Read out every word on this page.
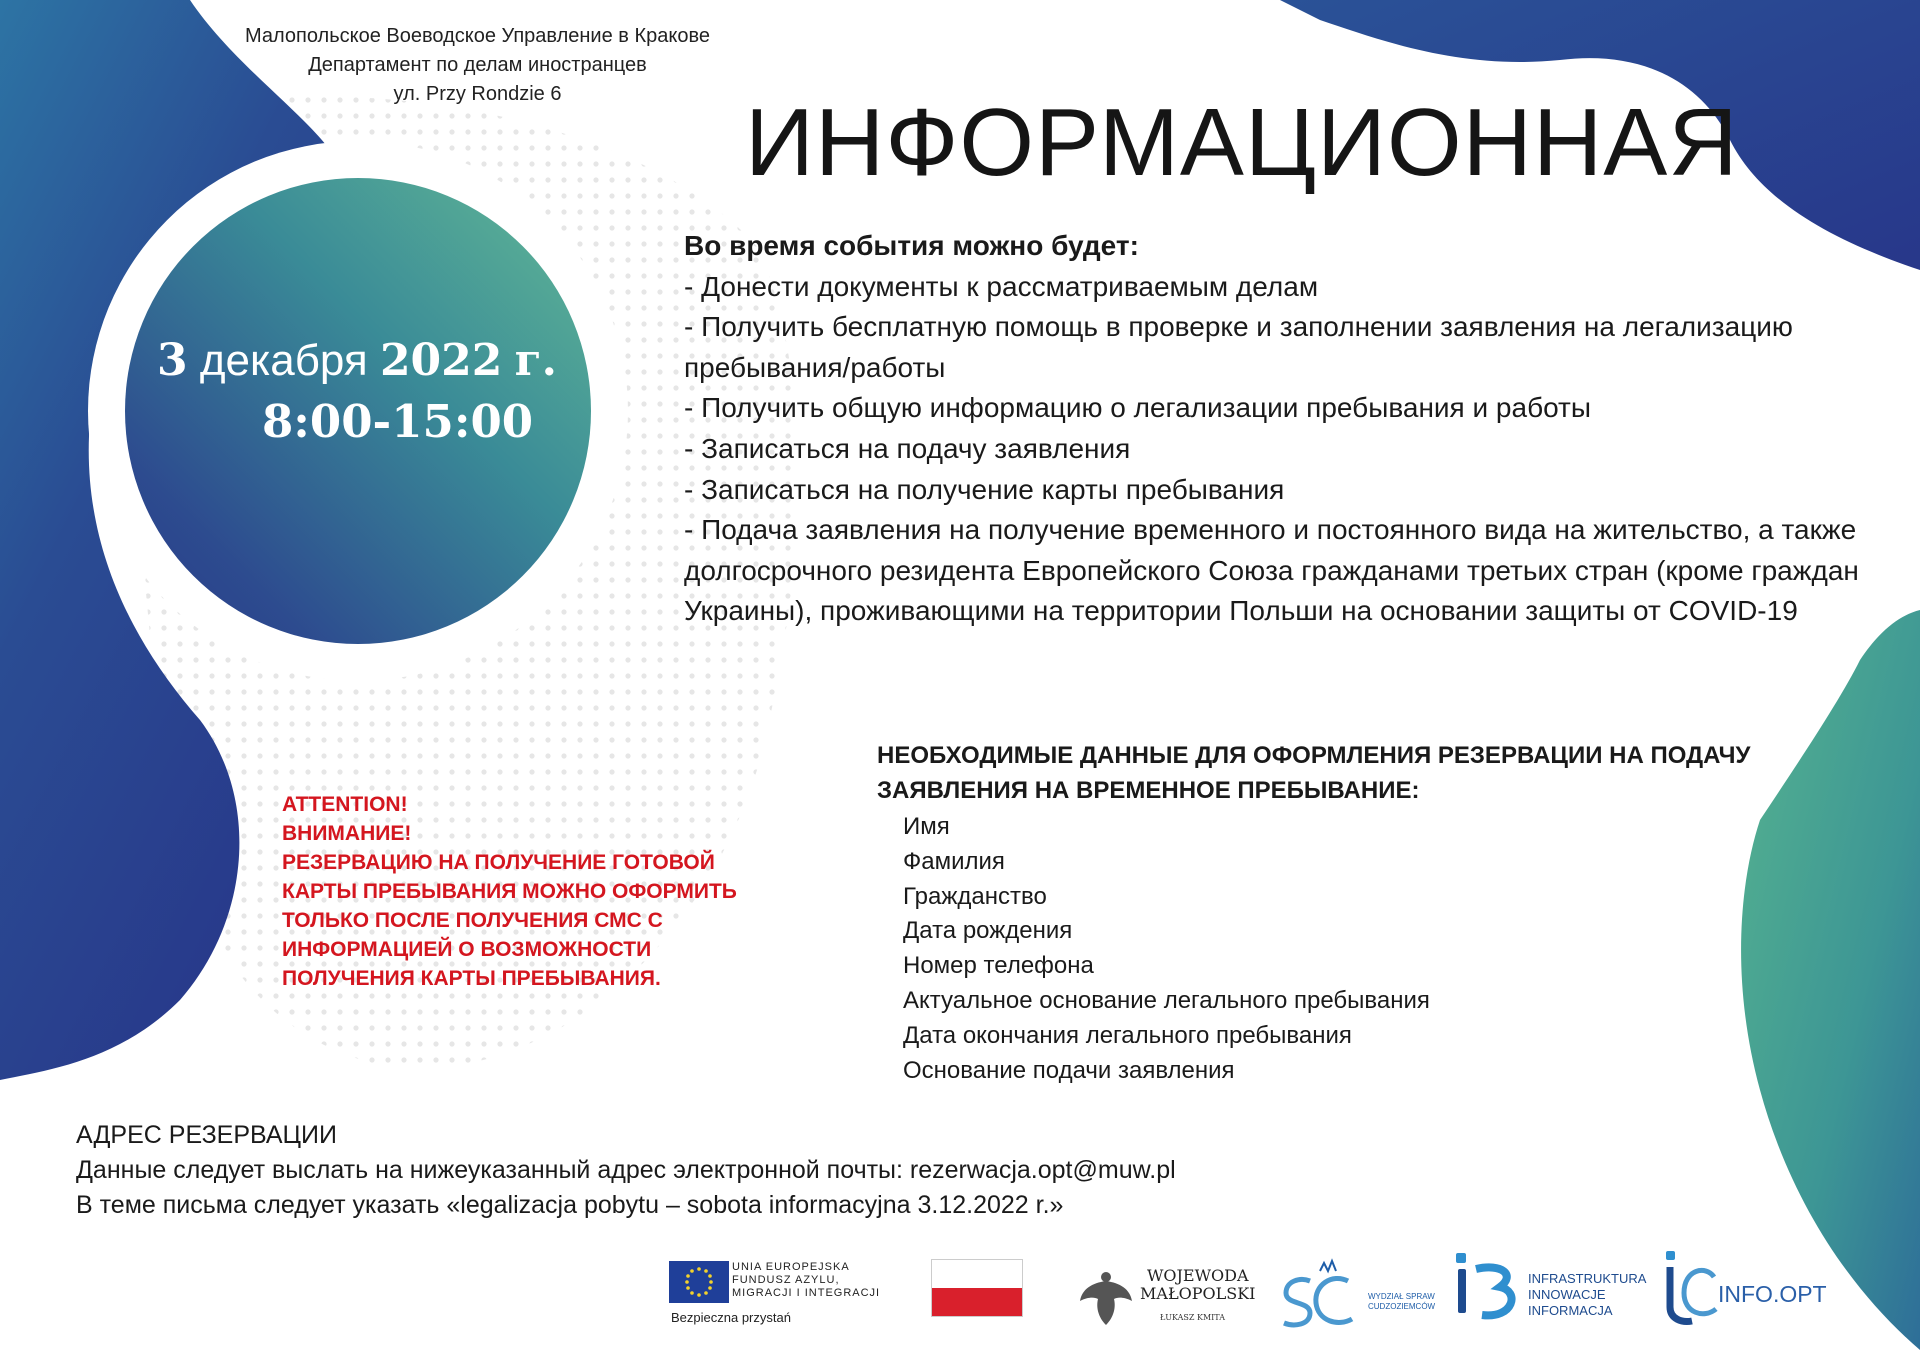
Малопольское Воеводское Управление в Кракове
Департамент по делам иностранцев
ул. Przy Rondzie 6	ИНФОРМАЦИОННАЯ
3 декабря 2022 г.
8:00-15:00
Во время события можно будет:
- Донести документы к рассматриваемым делам
- Получить бесплатную помощь в проверке и заполнении заявления на легализацию пребывания/работы
- Получить общую информацию о легализации пребывания и работы
- Записаться на подачу заявления
- Записаться на получение карты пребывания
- Подача заявления на получение временного и постоянного вида на жительство, а также долгосрочного резидента Европейского Союза гражданами третьих стран (кроме граждан Украины), проживающими на территории Польши на основании защиты от COVID-19
НЕОБХОДИМЫЕ ДАННЫЕ ДЛЯ ОФОРМЛЕНИЯ РЕЗЕРВАЦИИ НА ПОДАЧУ ЗАЯВЛЕНИЯ НА ВРЕМЕННОЕ ПРЕБЫВАНИЕ:
Имя
Фамилия
Гражданство
Дата рождения
Номер телефона
Актуальное основание легального пребывания
Дата окончания легального пребывания
Основание подачи заявления
ATTENTION!
ВНИМАНИЕ!
РЕЗЕРВАЦИЮ НА ПОЛУЧЕНИЕ ГОТОВОЙ
КАРТЫ ПРЕБЫВАНИЯ МОЖНО ОФОРМИТЬ
ТОЛЬКО ПОСЛЕ ПОЛУЧЕНИЯ СМС С
ИНФОРМАЦИЕЙ О ВОЗМОЖНОСТИ
ПОЛУЧЕНИЯ КАРТЫ ПРЕБЫВАНИЯ.
АДРЕС РЕЗЕРВАЦИИ
Данные следует выслать на нижеуказанный адрес электронной почты: rezerwacja.opt@muw.pl
В теме письма следует указать «legalizacja pobytu – sobota informacyjna 3.12.2022 r.»
UNIA EUROPEJSKA
FUNDUSZ AZYLU,
MIGRACJI I INTEGRACJI
Bezpieczna przystań
WOJEWODA
MAŁOPOLSKI
ŁUKASZ KMITA
WYDZIAŁ SPRAW
CUDZOZIEMCÓW
INFRASTRUKTURA
INNOWACJE
INFORMACJA
INFO.OPT
